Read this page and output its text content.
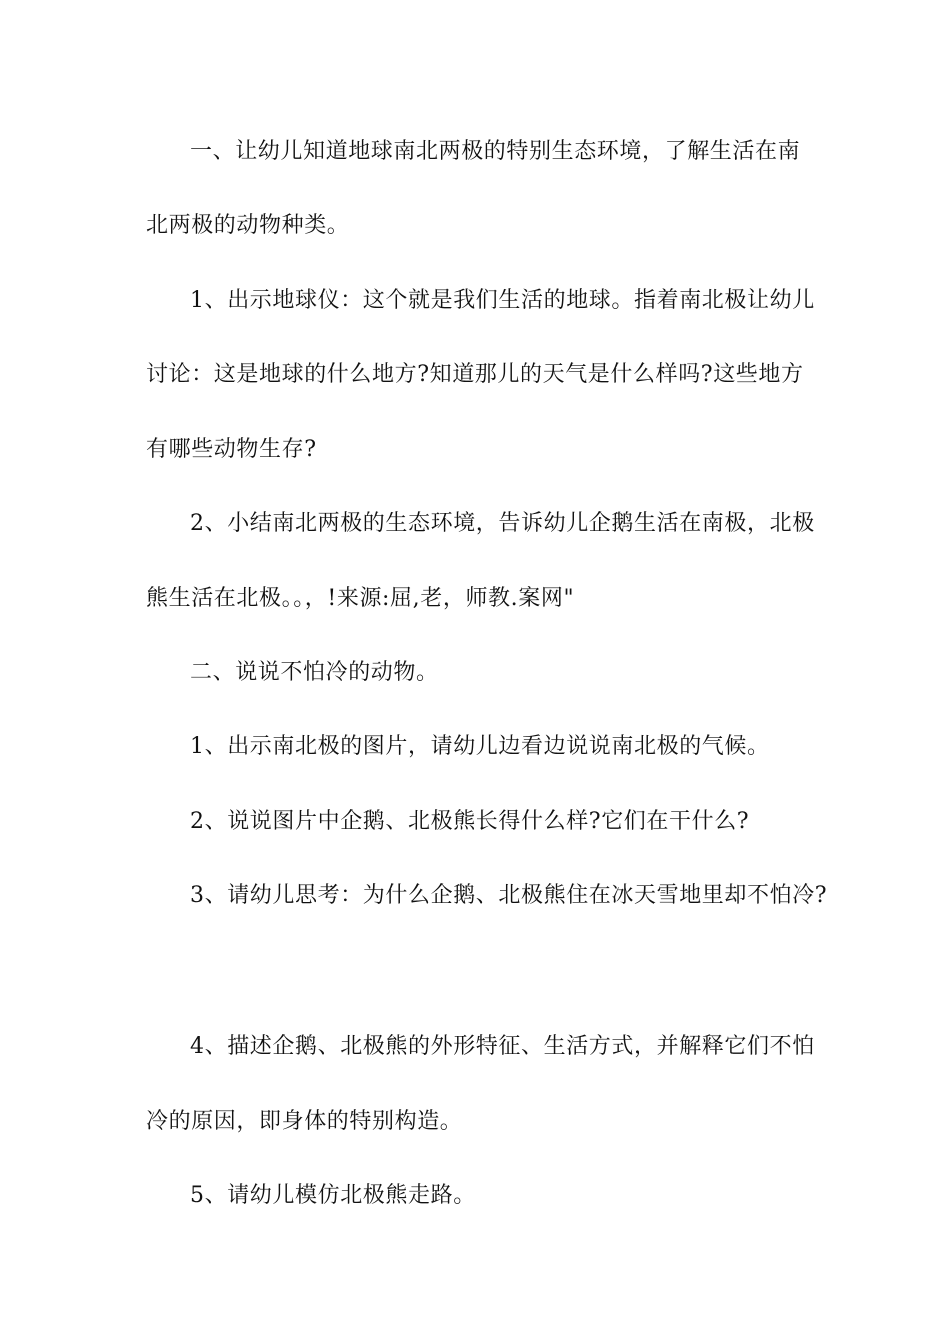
一、让幼儿知道地球南北两极的特别生态环境，了解生活在南
北两极的动物种类。
1、出示地球仪：这个就是我们生活的地球。指着南北极让幼儿
讨论：这是地球的什么地方?知道那儿的天气是什么样吗?这些地方
有哪些动物生存?
2、小结南北两极的生态环境，告诉幼儿企鹅生活在南极，北极
熊生活在北极。。，!来源:屈,老，师教.案网"
二、说说不怕冷的动物。
1、出示南北极的图片，请幼儿边看边说说南北极的气候。
2、说说图片中企鹅、北极熊长得什么样?它们在干什么?
3、请幼儿思考：为什么企鹅、北极熊住在冰天雪地里却不怕冷?
4、描述企鹅、北极熊的外形特征、生活方式，并解释它们不怕
冷的原因，即身体的特别构造。
5、请幼儿模仿北极熊走路。
